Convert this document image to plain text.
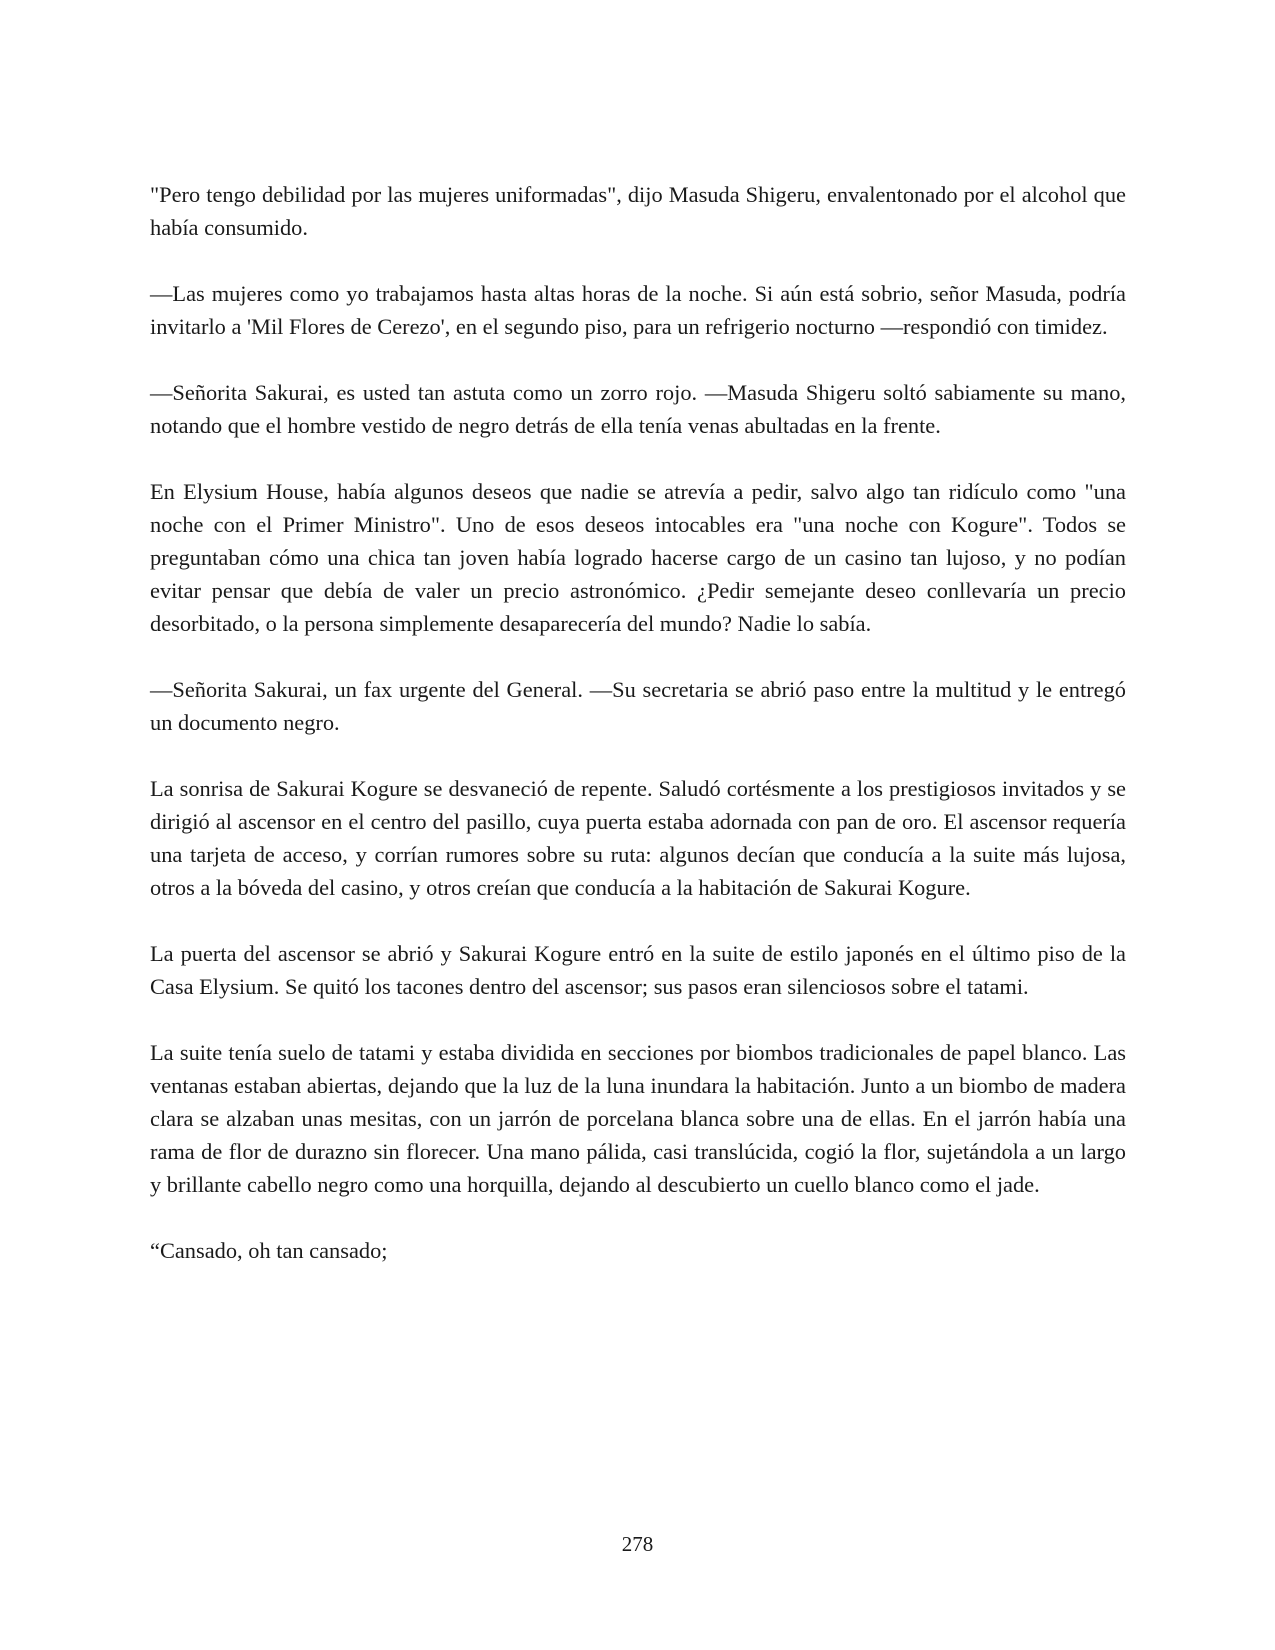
"Pero tengo debilidad por las mujeres uniformadas", dijo Masuda Shigeru, envalentonado por el alcohol que había consumido.

—Las mujeres como yo trabajamos hasta altas horas de la noche. Si aún está sobrio, señor Masuda, podría invitarlo a 'Mil Flores de Cerezo', en el segundo piso, para un refrigerio nocturno —respondió con timidez.

—Señorita Sakurai, es usted tan astuta como un zorro rojo. —Masuda Shigeru soltó sabiamente su mano, notando que el hombre vestido de negro detrás de ella tenía venas abultadas en la frente.

En Elysium House, había algunos deseos que nadie se atrevía a pedir, salvo algo tan ridículo como "una noche con el Primer Ministro". Uno de esos deseos intocables era "una noche con Kogure". Todos se preguntaban cómo una chica tan joven había logrado hacerse cargo de un casino tan lujoso, y no podían evitar pensar que debía de valer un precio astronómico. ¿Pedir semejante deseo conllevaría un precio desorbitado, o la persona simplemente desaparecería del mundo? Nadie lo sabía.

—Señorita Sakurai, un fax urgente del General. —Su secretaria se abrió paso entre la multitud y le entregó un documento negro.

La sonrisa de Sakurai Kogure se desvaneció de repente. Saludó cortésmente a los prestigiosos invitados y se dirigió al ascensor en el centro del pasillo, cuya puerta estaba adornada con pan de oro. El ascensor requería una tarjeta de acceso, y corrían rumores sobre su ruta: algunos decían que conducía a la suite más lujosa, otros a la bóveda del casino, y otros creían que conducía a la habitación de Sakurai Kogure.

La puerta del ascensor se abrió y Sakurai Kogure entró en la suite de estilo japonés en el último piso de la Casa Elysium. Se quitó los tacones dentro del ascensor; sus pasos eran silenciosos sobre el tatami.

La suite tenía suelo de tatami y estaba dividida en secciones por biombos tradicionales de papel blanco. Las ventanas estaban abiertas, dejando que la luz de la luna inundara la habitación. Junto a un biombo de madera clara se alzaban unas mesitas, con un jarrón de porcelana blanca sobre una de ellas. En el jarrón había una rama de flor de durazno sin florecer. Una mano pálida, casi translúcida, cogió la flor, sujetándola a un largo y brillante cabello negro como una horquilla, dejando al descubierto un cuello blanco como el jade.

“Cansado, oh tan cansado;

278
